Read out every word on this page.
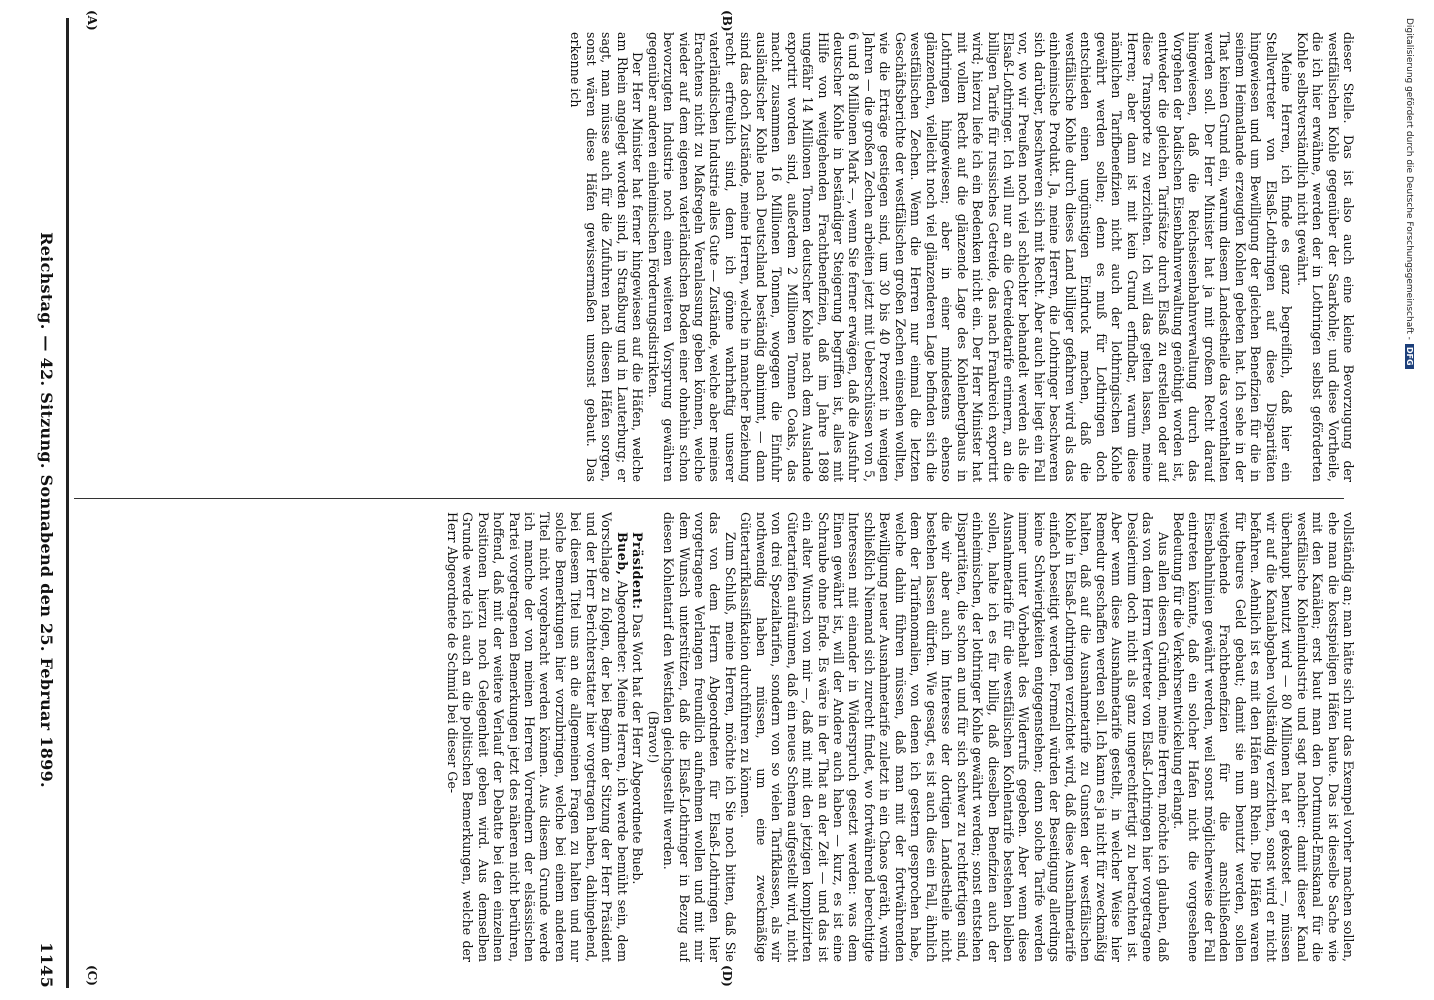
Reichstag. — 42. Sitzung. Sonnabend den 25. Februar 1899.
1145
(A)	(B)
(C)	(D)

dieser Stelle. Das ist also auch eine kleine Bevorzugung der westfälischen Kohle gegenüber der Saarkohle; und diese Vortheile, die ich hier erwähne, werden der in Lothringen selbst geförderten Kohle selbstverständlich nicht gewährt.

Meine Herren, ich finde es ganz begreiflich, daß hier ein Stellvertreter von Elsaß-Lothringen auf diese Disparitäten hingewiesen und um Bewilligung der gleichen Benefizien für die in seinem Heimatlande erzeugten Kohlen gebeten hat. Ich sehe in der That keinen Grund ein, warum diesem Landestheile das vorenthalten werden soll. Der Herr Minister hat ja mit großem Recht darauf hingewiesen, daß die Reichseisenbahnverwaltung durch das Vorgehen der badischen Eisenbahnverwaltung genöthigt worden ist, entweder die gleichen Tarifsätze durch Elsaß zu erstellen oder auf diese Transporte zu verzichten. Ich will das gelten lassen, meine Herren; aber dann ist mit kein Grund erfindbar, warum diese nämlichen Tarifbenefizien nicht auch der lothringischen Kohle gewährt werden sollen; denn es muß für Lothringen doch entschieden einen ungünstigen Eindruck machen, daß die westfälische Kohle durch dieses Land billiger gefahren wird als das einheimische Produkt. Ja, meine Herren, die Lothringer beschweren sich darüber, beschweren sich mit Recht. Aber auch hier liegt ein Fall vor, wo wir Preußen noch viel schlechter behandelt werden als die Elsaß-Lothringer. Ich will nur an die Getreidetarife erinnern, an die billigen Tarife für russisches Getreide, das nach Frankreich exportirt wird; hierzu liefe ich ein Bedenken nicht ein. Der Herr Minister hat mit vollem Recht auf die glänzende Lage des Kohlenbergbaus in Lothringen hingewiesen; aber in einer mindestens ebenso glänzenden, vielleicht noch viel glänzenderen Lage befinden sich die westfälischen Zechen. Wenn die Herren nur einmal die letzten Geschäftsberichte der westfälischen großen Zechen einsehen wollten, wie die Erträge gestiegen sind, um 30 bis 40 Prozent in wenigen Jahren — die großen Zechen arbeiten jetzt mit Ueberschüssen von 5, 6 und 8 Millionen Mark —, wenn Sie ferner erwägen, daß die Ausfuhr deutscher Kohle in beständiger Steigerung begriffen ist, alles mit Hilfe von weitgehenden Frachtbenefizien, daß im Jahre 1898 ungefähr 14 Millionen Tonnen deutscher Kohle nach dem Auslande exportirt worden sind, außerdem 2 Millionen Tonnen Coaks, das macht zusammen 16 Millionen Tonnen, wogegen die Einfuhr ausländischer Kohle nach Deutschland beständig abnimmt, — dann sind das doch Zustände, meine Herren, welche in mancher Beziehung recht erfreulich sind, denn ich gönne wahrhaftig unserer vaterländischen Industrie alles Gute — Zustände, welche aber meines Erachtens nicht zu Maßregeln Veranlassung geben können, welche wieder auf dem eigenen vaterländischen Boden einer ohnehin schon bevorzugten Industrie noch einen weiteren Vorsprung gewähren gegenüber anderen einheimischen Förderungsdistrikten.

Der Herr Minister hat ferner hingewiesen auf die Häfen, welche am Rhein angelegt worden sind, in Straßburg und in Lauterburg; er sagt, man müsse auch für die Zufuhren nach diesen Häfen sorgen, sonst wären diese Häfen gewissermaßen umsonst gebaut. Das erkenne ich

vollständig an; man hätte sich nur das Exempel vorher machen sollen, ehe man die kostspieligen Häfen baute. Das ist dieselbe Sache wie mit den Kanälen; erst baut man den Dortmund-Emskanal für die westfälische Kohlenindustrie und sagt nachher: damit dieser Kanal überhaupt benutzt wird — 80 Millionen hat er gekostet —, müssen wir auf die Kanalabgaben vollständig verzichten, sonst wird er nicht befahren. Aehnlich ist es mit den Häfen am Rhein. Die Häfen waren für theures Geld gebaut; damit sie nun benutzt werden, sollen weitgehende Frachtbenefizien für die anschließenden Eisenbahnlinien gewährt werden, weil sonst möglicherweise der Fall eintreten könnte, daß ein solcher Hafen nicht die vorgesehene Bedeutung für die Verkehrsentwickelung erlangt.

Aus allen diesen Gründen, meine Herren, möchte ich glauben, daß das von dem Herrn Vertreter von Elsaß-Lothringen hier vorgetragene Desiderium doch nicht als ganz ungerechtfertigt zu betrachten ist. Aber wenn diese Ausnahmetarife gestellt, in welcher Weise hier Remedur geschaffen werden soll. Ich kann es ja nicht für zweckmäßig halten, daß auf die Ausnahmetarife zu Gunsten der westfälischen Kohle in Elsaß-Lothringen verzichtet wird, daß diese Ausnahmetarife einfach beseitigt werden. Formell würden der Beseitigung allerdings keine Schwierigkeiten entgegenstehen; denn solche Tarife werden immer unter Vorbehalt des Widerrufs gegeben. Aber wenn diese Ausnahmetarife für die westfälischen Kohlentarife bestehen bleiben sollen, halte ich es für billig, daß dieselben Benefizien auch der einheimischen, der lothringer Kohle gewährt werden; sonst entstehen Disparitäten, die schon an und für sich schwer zu rechtfertigen sind, die wir aber auch im Interesse der dortigen Landestheile nicht bestehen lassen dürfen. Wie gesagt, es ist auch dies ein Fall, ähnlich dem der Tarifanomalien, von denen ich gestern gesprochen habe, welche dahin führen müssen, daß man mit der fortwährenden Bewilligung neuer Ausnahmetarife zuletzt in ein Chaos geräth, worin schließlich Niemand sich zurecht findet, wo fortwährend berechtigte Interessen mit einander in Widerspruch gesetzt werden: was dem Einen gewährt ist, will der Andere auch haben — kurz, es ist eine Schraube ohne Ende. Es wäre in der That an der Zeit — und das ist ein alter Wunsch von mir —, daß mit mit den jetzigen komplizirten Gütertarifen aufräumen, daß ein neues Schema aufgestellt wird, nicht von drei Spezialtarifen, sondern von so vielen Tarifklassen, als wir nothwendig haben müssen, um eine zweckmäßige Gütertarifklassifikation durchführen zu können.

Zum Schluß, meine Herren, möchte ich Sie noch bitten, daß Sie das von dem Herrn Abgeordneten für Elsaß-Lothringen hier vorgetragene Verlangen freundlich aufnehmen wollen und mit mir dem Wunsch unterstützen, daß die Elsaß-Lothringer in Bezug auf diesen Kohlentarif den Westfalen gleichgestellt werden.

(Bravo!)

Präsident: Das Wort hat der Herr Abgeordnete Bueb.

Bueb, Abgeordneter: Meine Herren, ich werde bemüht sein, dem Vorschlage zu folgen, der bei Beginn der Sitzung der Herr Präsident und der Herr Berichterstatter hier vorgetragen haben, dahingehend, bei diesem Titel uns an die allgemeinen Fragen zu halten und nur solche Bemerkungen hier vorzubringen, welche bei einem anderen Titel nicht vorgebracht werden können. Aus diesem Grunde werde ich manche der von meinen Herren Vorrednern der elsässischen Partei vorgetragenen Bemerkungen jetzt des näheren nicht berühren, hoffend, daß mit der weitere Verlauf der Debatte bei den einzelnen Positionen hierzu noch Gelegenheit geben wird. Aus demselben Grunde werde ich auch an die politischen Bemerkungen, welche der Herr Abgeordnete de Schmid bei dieser Ge-

Digitalisierung gefördert durch die Deutsche Forschungsgemeinschaft -DFG
